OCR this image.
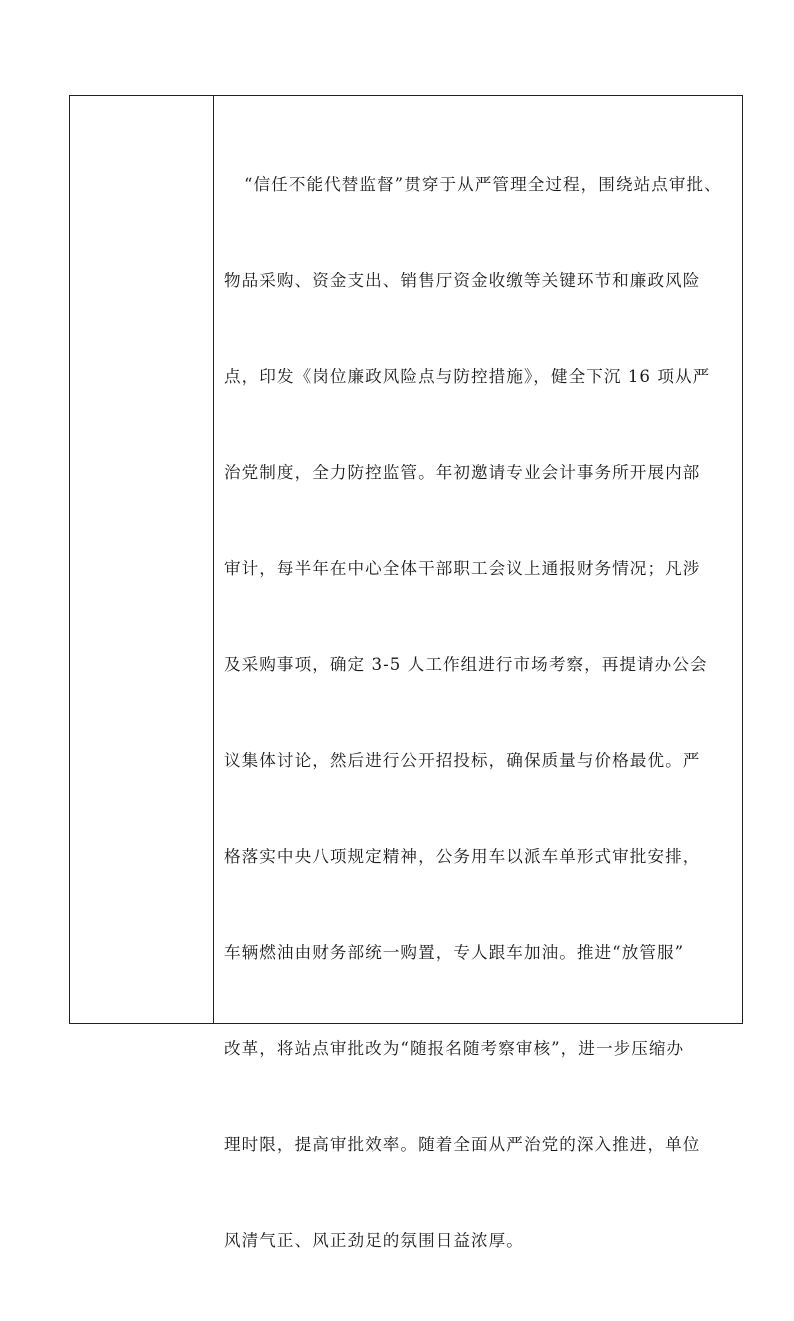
“信任不能代替监督”贯穿于从严管理全过程，围绕站点审批、

物品采购、资金支出、销售厅资金收缴等关键环节和廉政风险

点，印发《岗位廉政风险点与防控措施》，健全下沉 16 项从严

治党制度，全力防控监管。年初邀请专业会计事务所开展内部

审计，每半年在中心全体干部职工会议上通报财务情况；凡涉

及采购事项，确定 3-5 人工作组进行市场考察，再提请办公会

议集体讨论，然后进行公开招投标，确保质量与价格最优。严

格落实中央八项规定精神，公务用车以派车单形式审批安排，

车辆燃油由财务部统一购置，专人跟车加油。推进“放管服”

改革，将站点审批改为“随报名随考察审核”，进一步压缩办

理时限，提高审批效率。随着全面从严治党的深入推进，单位

风清气正、风正劲足的氛围日益浓厚。
